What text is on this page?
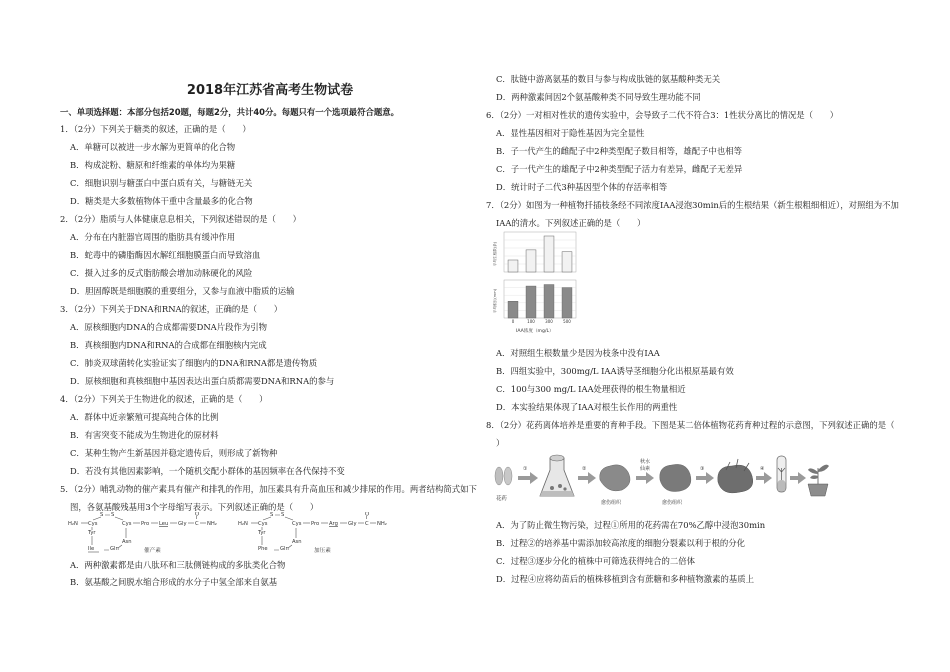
2018年江苏省高考生物试卷
一、单项选择题：本部分包括20题，每题2分，共计40分。每题只有一个选项最符合题意。
1．（2分）下列关于糖类的叙述，正确的是（　　）
A．单糖可以被进一步水解为更简单的化合物
B．构成淀粉、糖原和纤维素的单体均为果糖
C．细胞识别与糖蛋白中蛋白质有关，与糖链无关
D．糖类是大多数植物体干重中含量最多的化合物
2．（2分）脂质与人体健康息息相关，下列叙述错误的是（　　）
A．分布在内脏器官周围的脂肪具有缓冲作用
B．蛇毒中的磷脂酶因水解红细胞膜蛋白而导致溶血
C．摄入过多的反式脂肪酸会增加动脉硬化的风险
D．胆固醇既是细胞膜的重要组分，又参与血液中脂质的运输
3．（2分）下列关于DNA和RNA的叙述，正确的是（　　）
A．原核细胞内DNA的合成都需要DNA片段作为引物
B．真核细胞内DNA和RNA的合成都在细胞核内完成
C．肺炎双球菌转化实验证实了细胞内的DNA和RNA都是遗传物质
D．原核细胞和真核细胞中基因表达出蛋白质都需要DNA和RNA的参与
4．（2分）下列关于生物进化的叙述，正确的是（　　）
A．群体中近亲繁殖可提高纯合体的比例
B．有害突变不能成为生物进化的原材料
C．某种生物产生新基因并稳定遗传后，则形成了新物种
D．若没有其他因素影响，一个随机交配小群体的基因频率在各代保持不变
5．（2分）哺乳动物的催产素具有催产和排乳的作用，加压素具有升高血压和减少排尿的作用。两者结构简式如下
图，各氨基酸残基用3个字母缩写表示。下列叙述正确的是（　　）
H₂N Cys
Tyr
Ile	Gln
Asn
Cys
S S
Pro Leu Gly C
O
NH₂
催产素
H₂N Cys
Tyr
Phe Gln
Asn
Cys
S S
Pro Arg Gly C
O
NH₂
加压素
A．两种激素都是由八肽环和三肽侧链构成的多肽类化合物
B．氨基酸之间脱水缩合形成的水分子中氢全部来自氨基
C．肽链中游离氨基的数目与参与构成肽链的氨基酸种类无关
D．两种激素间因2个氨基酸种类不同导致生理功能不同
6．（2分）一对相对性状的遗传实验中，会导致子二代不符合3：1性状分离比的情况是（　　）
A．显性基因相对于隐性基因为完全显性
B．子一代产生的雌配子中2种类型配子数目相等，雄配子中也相等
C．子一代产生的雄配子中2种类型配子活力有差异，雌配子无差异
D．统计时子二代3种基因型个体的存活率相等
7．（2分）如图为一种植物扦插枝条经不同浓度IAA浸泡30min后的生根结果（新生根粗细相近），对照组为不加
IAA的清水。下列叙述正确的是（　　）
平均生根数(条)
平均根长(mm)
0	100	300	500
IAA浓度（mg/L）
A．对照组生根数量少是因为枝条中没有IAA
B．四组实验中，300mg/L IAA诱导茎细胞分化出根原基最有效
C．100与300 mg/L IAA处理获得的根生物量相近
D．本实验结果体现了IAA对根生长作用的两重性
8．（2分）花药离体培养是重要的育种手段。下图是某二倍体植物花药育种过程的示意图，下列叙述正确的是（
）
花药
①	②
愈伤组织
秋水
仙素
愈伤组织
③	④
A．为了防止微生物污染，过程①所用的花药需在70%乙醇中浸泡30min
B．过程②的培养基中需添加较高浓度的细胞分裂素以利于根的分化
C．过程③逐步分化的植株中可筛选获得纯合的二倍体
D．过程④应将幼苗后的植株移植到含有蔗糖和多种植物激素的基质上
